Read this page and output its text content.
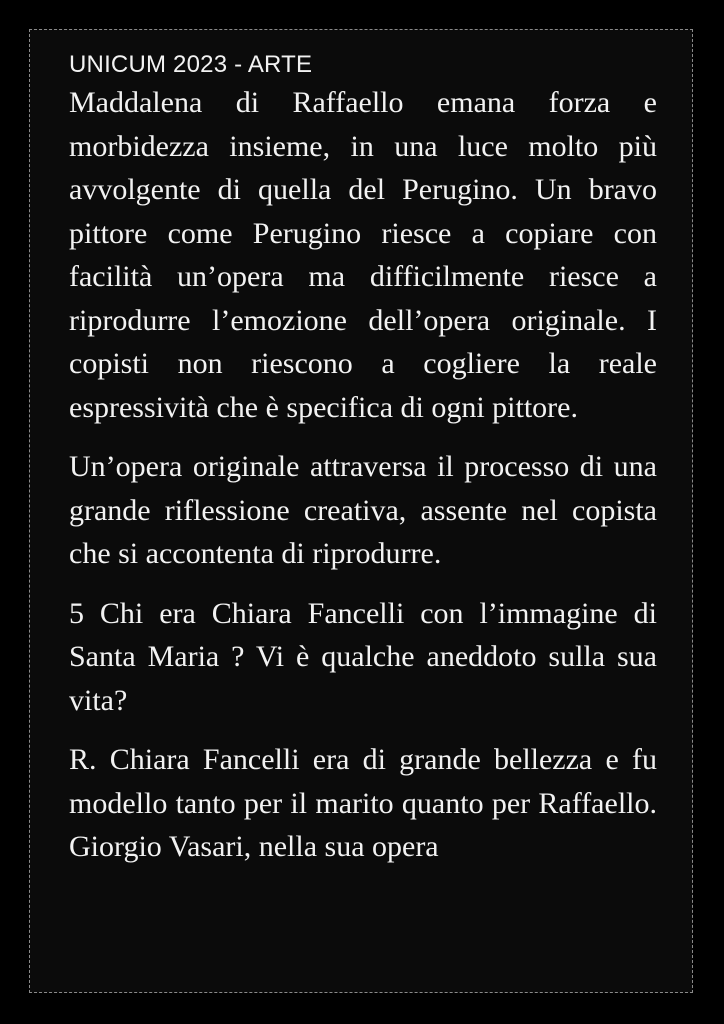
UNICUM 2023 - ARTE

Maddalena di Raffaello emana forza e morbidezza insieme, in una luce molto più avvolgente di quella del Perugino. Un bravo pittore come Perugino riesce a copiare con facilità un’opera ma difficilmente riesce a riprodurre l’emozione dell’opera originale. I copisti non riescono a cogliere la reale espressività che è specifica di ogni pittore.

Un’opera originale attraversa il processo di una grande riflessione creativa, assente nel copista che si accontenta di riprodurre.

5 Chi era Chiara Fancelli con l’immagine di Santa Maria ? Vi è qualche aneddoto sulla sua vita?

R. Chiara Fancelli era di grande bellezza e fu modello tanto per il marito quanto per Raffaello. Giorgio Vasari, nella sua opera
